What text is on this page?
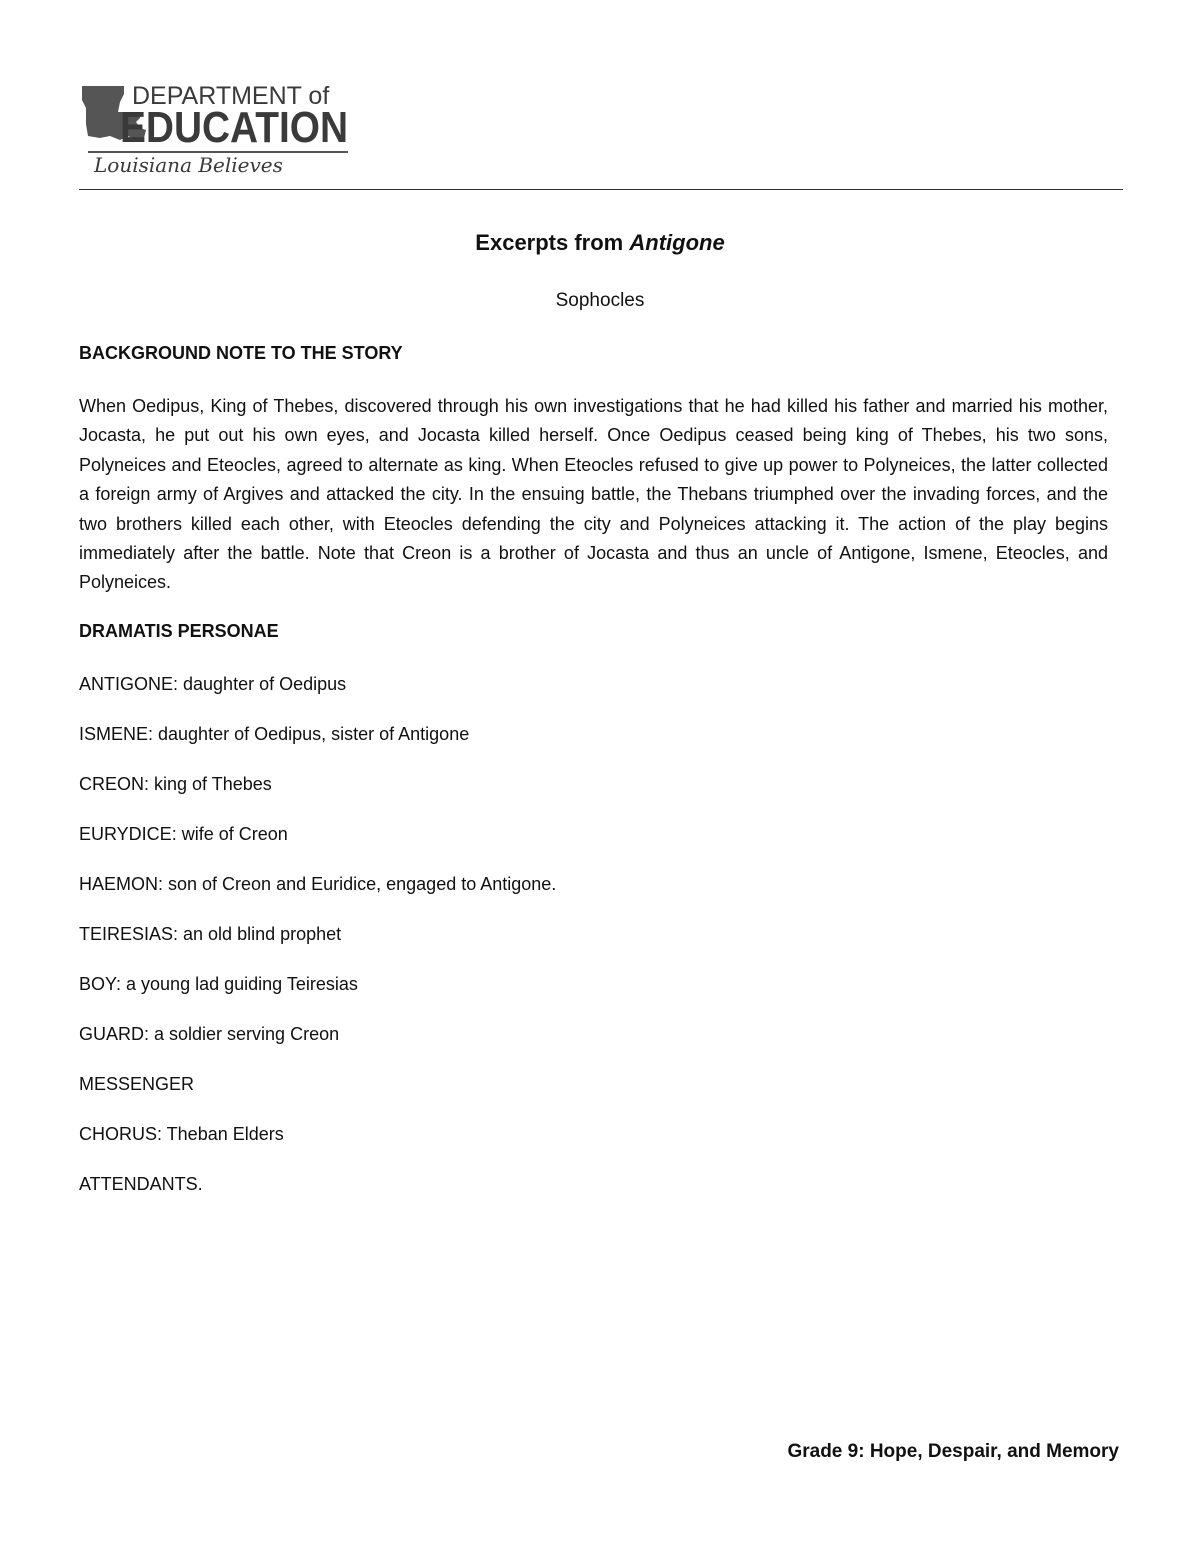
DEPARTMENT of
EDUCATION
Louisiana Believes
Excerpts from Antigone
Sophocles
BACKGROUND NOTE TO THE STORY
When Oedipus, King of Thebes, discovered through his own investigations that he had killed his father and married his mother, Jocasta, he put out his own eyes, and Jocasta killed herself. Once Oedipus ceased being king of Thebes, his two sons, Polyneices and Eteocles, agreed to alternate as king. When Eteocles refused to give up power to Polyneices, the latter collected a foreign army of Argives and attacked the city. In the ensuing battle, the Thebans triumphed over the invading forces, and the two brothers killed each other, with Eteocles defending the city and Polyneices attacking it. The action of the play begins immediately after the battle. Note that Creon is a brother of Jocasta and thus an uncle of Antigone, Ismene, Eteocles, and Polyneices.
DRAMATIS PERSONAE
ANTIGONE: daughter of Oedipus
ISMENE: daughter of Oedipus, sister of Antigone
CREON: king of Thebes
EURYDICE: wife of Creon
HAEMON: son of Creon and Euridice, engaged to Antigone.
TEIRESIAS: an old blind prophet
BOY: a young lad guiding Teiresias
GUARD: a soldier serving Creon
MESSENGER
CHORUS: Theban Elders
ATTENDANTS.
Grade 9: Hope, Despair, and Memory
